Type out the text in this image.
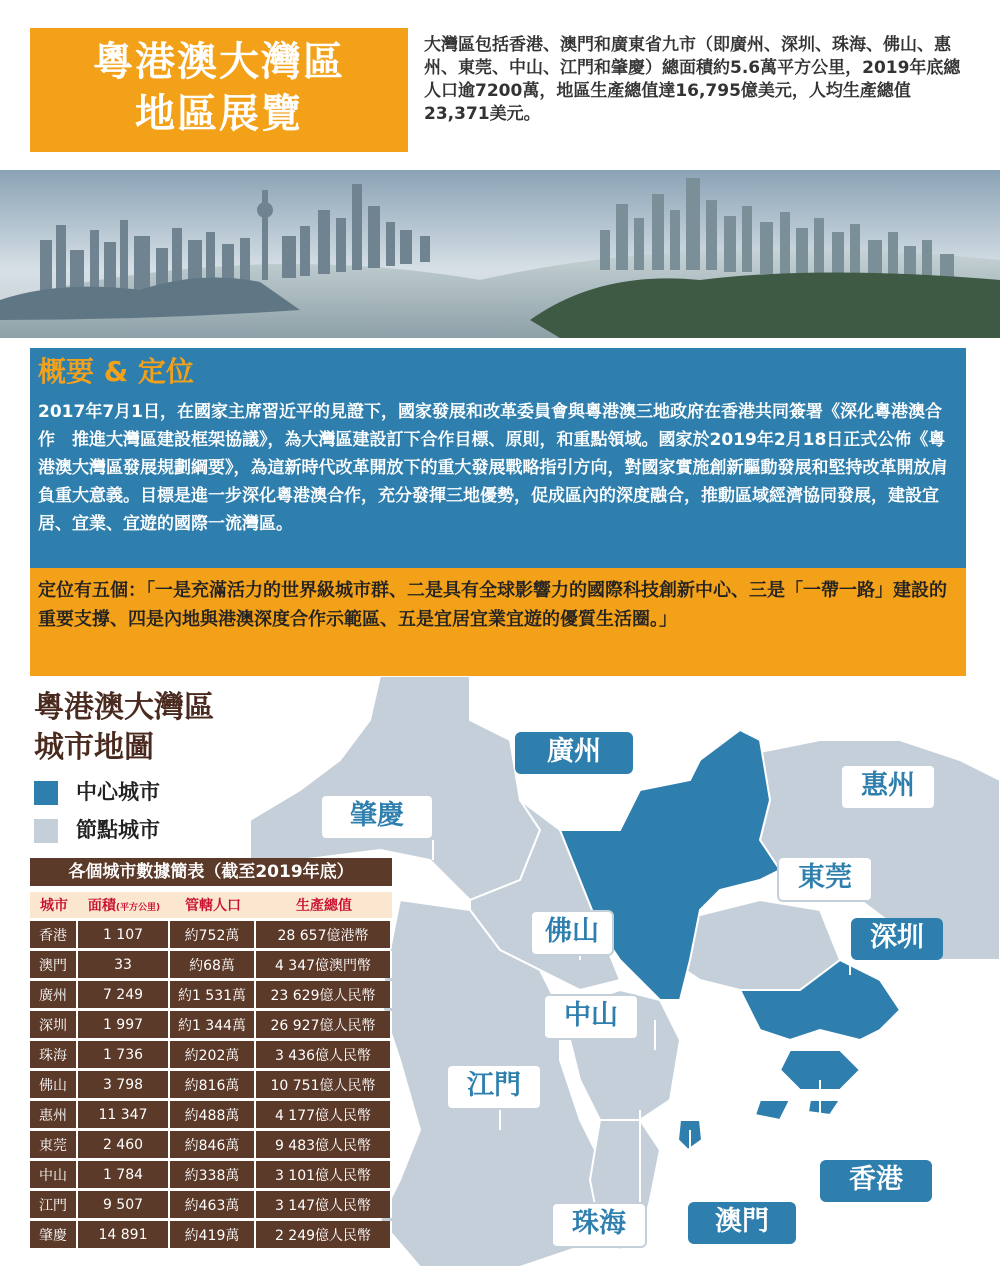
粵港澳大灣區
地區展覽
大灣區包括香港、澳門和廣東省九市（即廣州、深圳、珠海、佛山、惠州、東莞、中山、江門和肇慶）總面積約5.6萬平方公里，2019年底總人口逾7200萬，地區生產總值達16,795億美元，人均生產總值23,371美元。
概要 & 定位

2017年7月1日，在國家主席習近平的見證下，國家發展和改革委員會與粵港澳三地政府在香港共同簽署《深化粵港澳合作　推進大灣區建設框架協議》，為大灣區建設訂下合作目標、原則，和重點領域。國家於2019年2月18日正式公佈《粵港澳大灣區發展規劃綱要》，為這新時代改革開放下的重大發展戰略指引方向，對國家實施創新驅動發展和堅持改革開放肩負重大意義。目標是進一步深化粵港澳合作，充分發揮三地優勢，促成區內的深度融合，推動區域經濟協同發展，建設宜居、宜業、宜遊的國際一流灣區。

定位有五個：「一是充滿活力的世界級城市群、二是具有全球影響力的國際科技創新中心、三是「一帶一路」建設的重要支撐、四是內地與港澳深度合作示範區、五是宜居宜業宜遊的優質生活圈。」

廣州
惠州
肇慶
東莞
深圳
佛山
中山
江門
香港
珠海	澳門
粵港澳大灣區
城市地圖
中心城市
節點城市
各個城市數據簡表（截至2019年底）
城市	面積(平方公里)	管轄人口	生產總值
香港	1 107	約752萬	28 657億港幣
澳門	33	約68萬	4 347億澳門幣
廣州	7 249	約1 531萬	23 629億人民幣
深圳	1 997	約1 344萬	26 927億人民幣
珠海	1 736	約202萬	3 436億人民幣
佛山	3 798	約816萬	10 751億人民幣
惠州	11 347	約488萬	4 177億人民幣
東莞	2 460	約846萬	9 483億人民幣
中山	1 784	約338萬	3 101億人民幣
江門	9 507	約463萬	3 147億人民幣
肇慶	14 891	約419萬	2 249億人民幣
